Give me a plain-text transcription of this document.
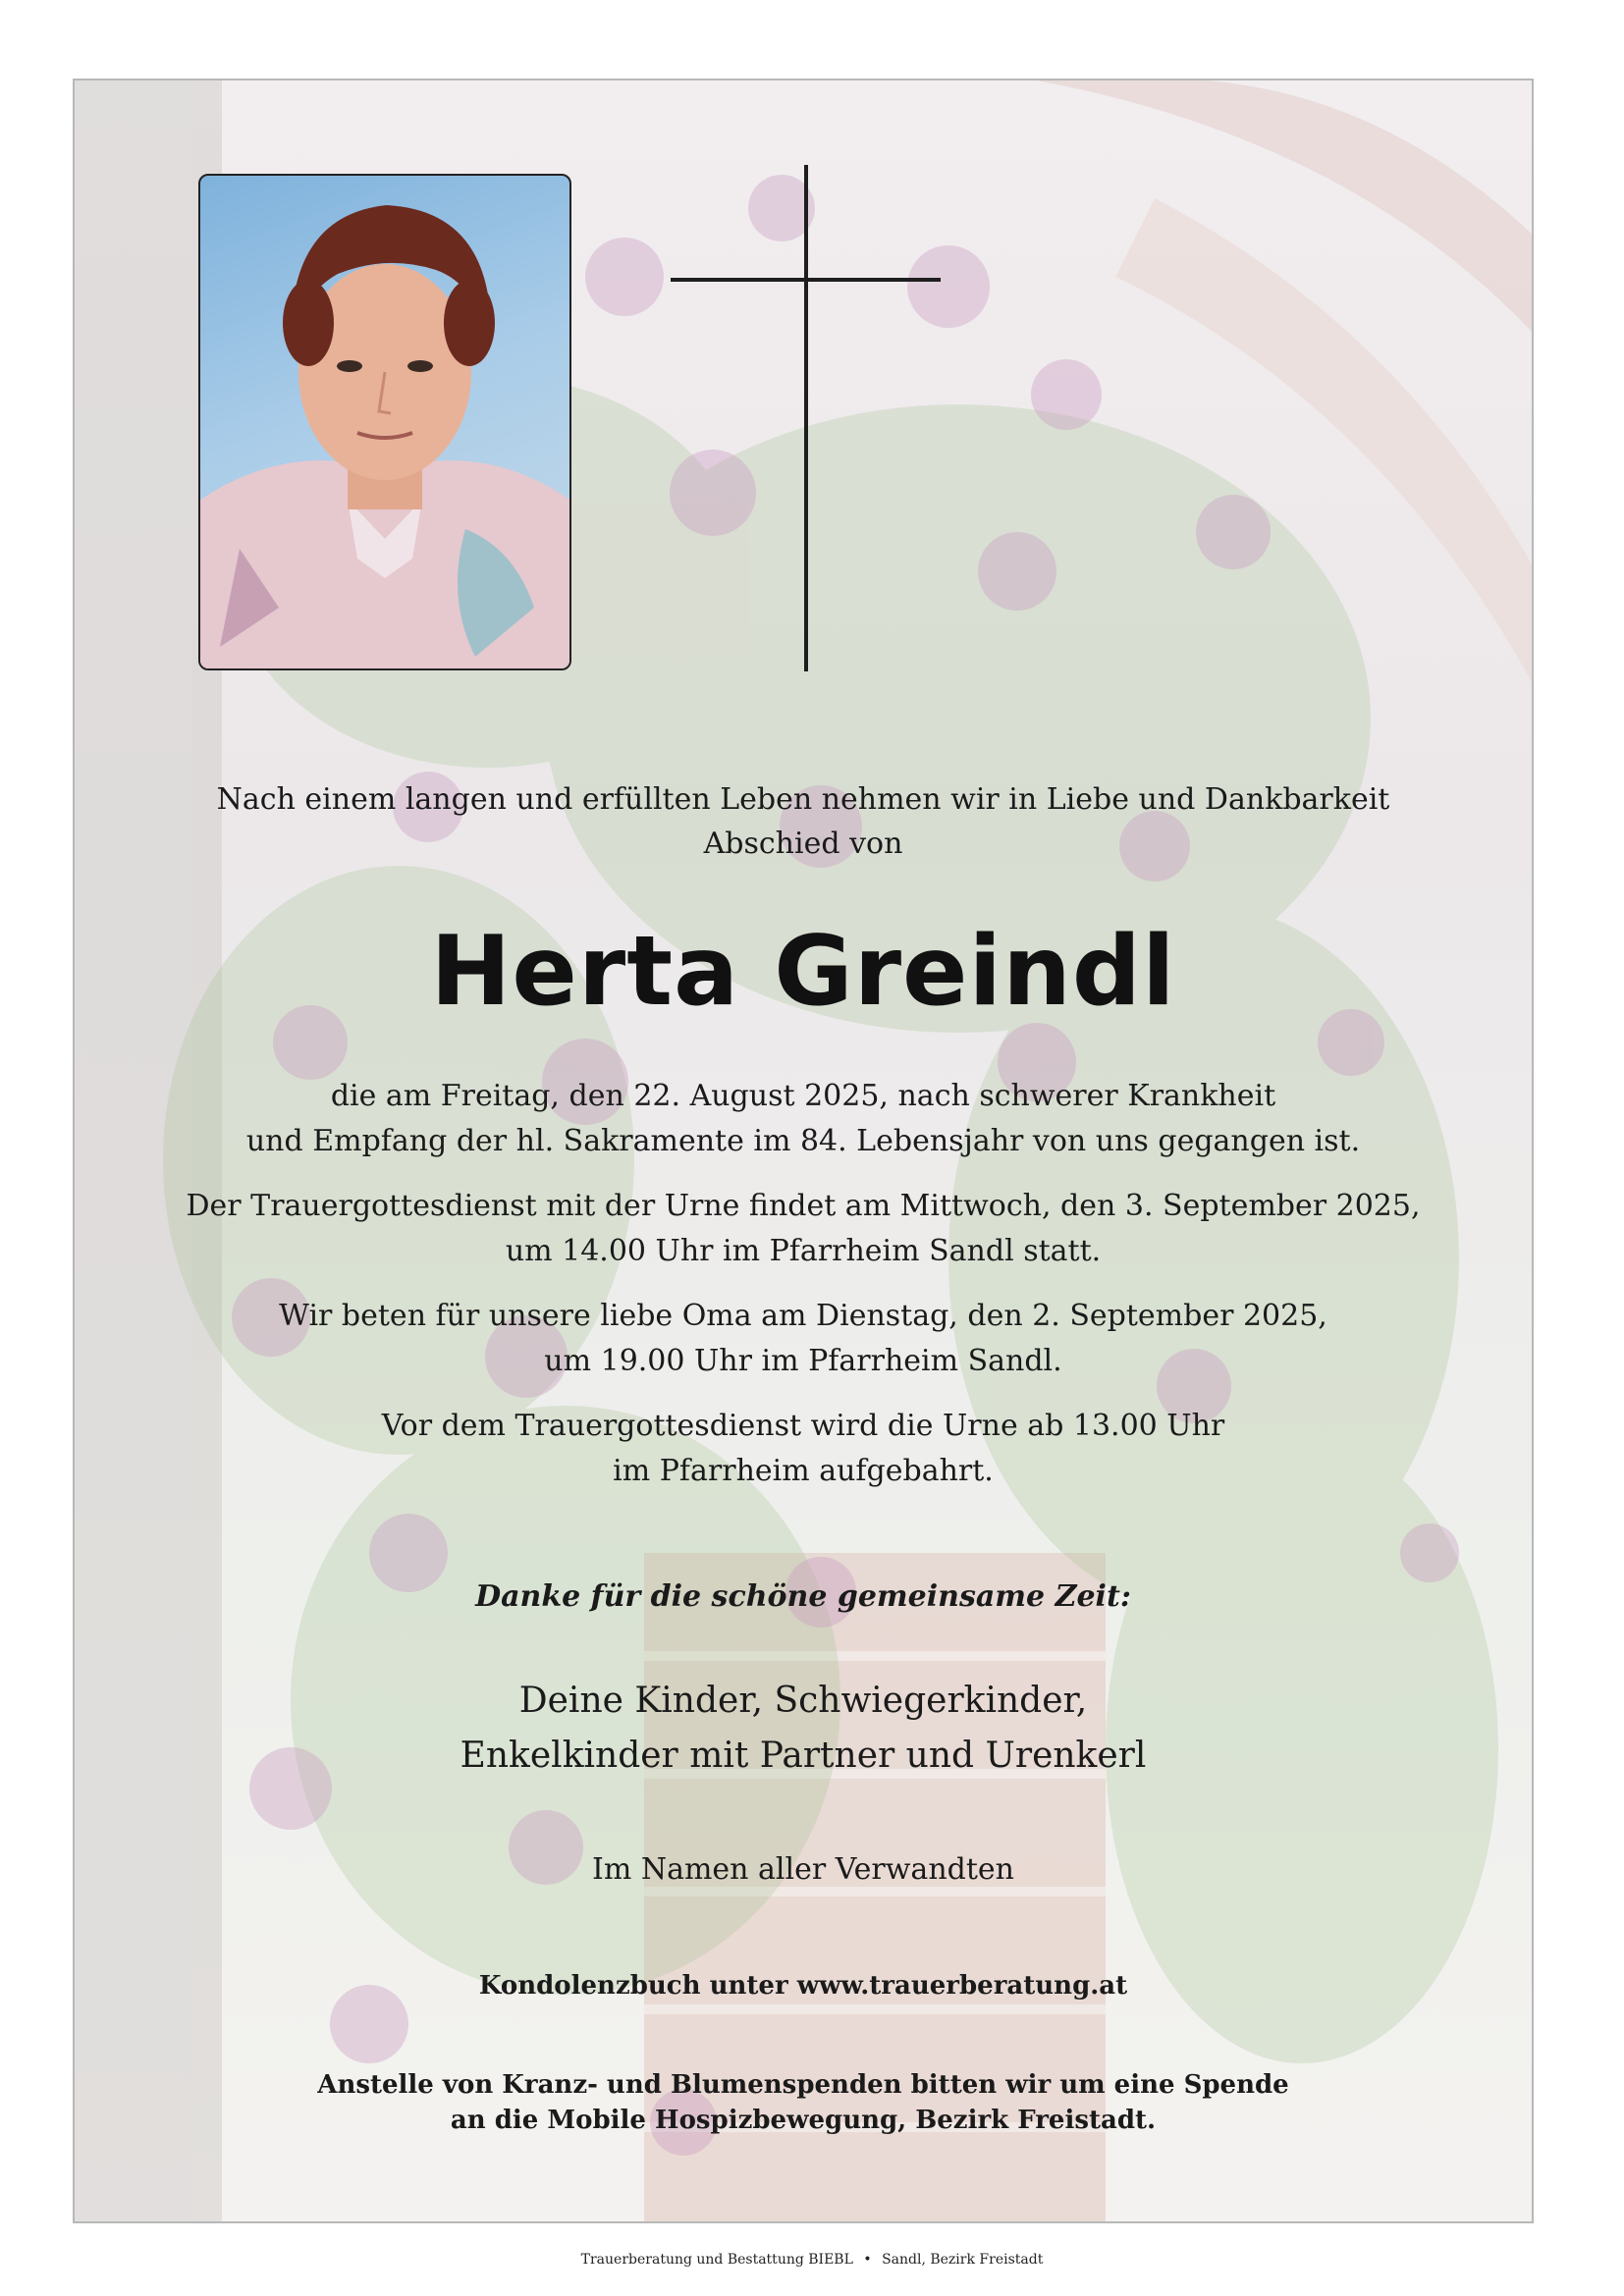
Nach einem langen und erfüllten Leben nehmen wir in Liebe und Dankbarkeit
Abschied von
Herta Greindl
die am Freitag, den 22. August 2025, nach schwerer Krankheit
und Empfang der hl. Sakramente im 84. Lebensjahr von uns gegangen ist.
Der Trauergottesdienst mit der Urne findet am Mittwoch, den 3. September 2025,
um 14.00 Uhr im Pfarrheim Sandl statt.
Wir beten für unsere liebe Oma am Dienstag, den 2. September 2025,
um 19.00 Uhr im Pfarrheim Sandl.
Vor dem Trauergottesdienst wird die Urne ab 13.00 Uhr
im Pfarrheim aufgebahrt.
Danke für die schöne gemeinsame Zeit:
Deine Kinder, Schwiegerkinder,
Enkelkinder mit Partner und Urenkerl
Im Namen aller Verwandten
Kondolenzbuch unter www.trauerberatung.at
Anstelle von Kranz- und Blumenspenden bitten wir um eine Spende
an die Mobile Hospizbewegung, Bezirk Freistadt.
Trauerberatung und Bestattung BIEBL • Sandl, Bezirk Freistadt
